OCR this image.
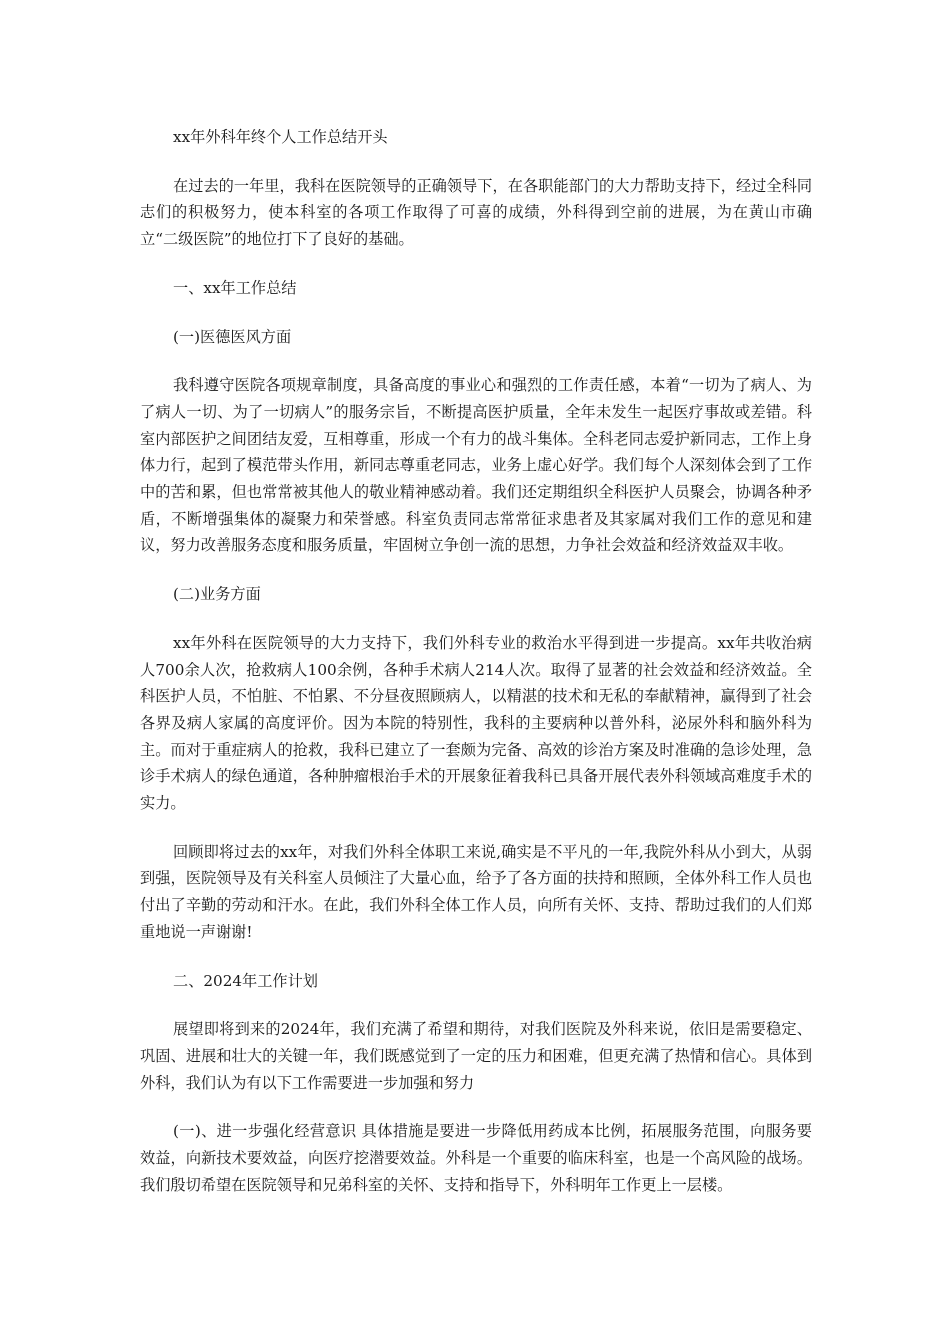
xx年外科年终个人工作总结开头

在过去的一年里，我科在医院领导的正确领导下，在各职能部门的大力帮助支持下，经过全科同志们的积极努力，使本科室的各项工作取得了可喜的成绩，外科得到空前的进展，为在黄山市确立“二级医院”的地位打下了良好的基础。

一、xx年工作总结

(一)医德医风方面

我科遵守医院各项规章制度，具备高度的事业心和强烈的工作责任感，本着“一切为了病人、为了病人一切、为了一切病人”的服务宗旨，不断提高医护质量，全年未发生一起医疗事故或差错。科室内部医护之间团结友爱，互相尊重，形成一个有力的战斗集体。全科老同志爱护新同志，工作上身体力行，起到了模范带头作用，新同志尊重老同志，业务上虚心好学。我们每个人深刻体会到了工作中的苦和累，但也常常被其他人的敬业精神感动着。我们还定期组织全科医护人员聚会，协调各种矛盾，不断增强集体的凝聚力和荣誉感。科室负责同志常常征求患者及其家属对我们工作的意见和建议，努力改善服务态度和服务质量，牢固树立争创一流的思想，力争社会效益和经济效益双丰收。

(二)业务方面

xx年外科在医院领导的大力支持下，我们外科专业的救治水平得到进一步提高。xx年共收治病人700余人次，抢救病人100余例，各种手术病人214人次。取得了显著的社会效益和经济效益。全科医护人员，不怕脏、不怕累、不分昼夜照顾病人，以精湛的技术和无私的奉献精神，赢得到了社会各界及病人家属的高度评价。因为本院的特别性，我科的主要病种以普外科，泌尿外科和脑外科为主。而对于重症病人的抢救，我科已建立了一套颇为完备、高效的诊治方案及时准确的急诊处理，急诊手术病人的绿色通道，各种肿瘤根治手术的开展象征着我科已具备开展代表外科领域高难度手术的实力。

回顾即将过去的xx年，对我们外科全体职工来说,确实是不平凡的一年,我院外科从小到大，从弱到强，医院领导及有关科室人员倾注了大量心血，给予了各方面的扶持和照顾，全体外科工作人员也付出了辛勤的劳动和汗水。在此，我们外科全体工作人员，向所有关怀、支持、帮助过我们的人们郑重地说一声谢谢!

二、2024年工作计划

展望即将到来的2024年，我们充满了希望和期待，对我们医院及外科来说，依旧是需要稳定、巩固、进展和壮大的关键一年，我们既感觉到了一定的压力和困难，但更充满了热情和信心。具体到外科，我们认为有以下工作需要进一步加强和努力

(一)、进一步强化经营意识 具体措施是要进一步降低用药成本比例，拓展服务范围，向服务要效益，向新技术要效益，向医疗挖潜要效益。外科是一个重要的临床科室，也是一个高风险的战场。我们殷切希望在医院领导和兄弟科室的关怀、支持和指导下，外科明年工作更上一层楼。
